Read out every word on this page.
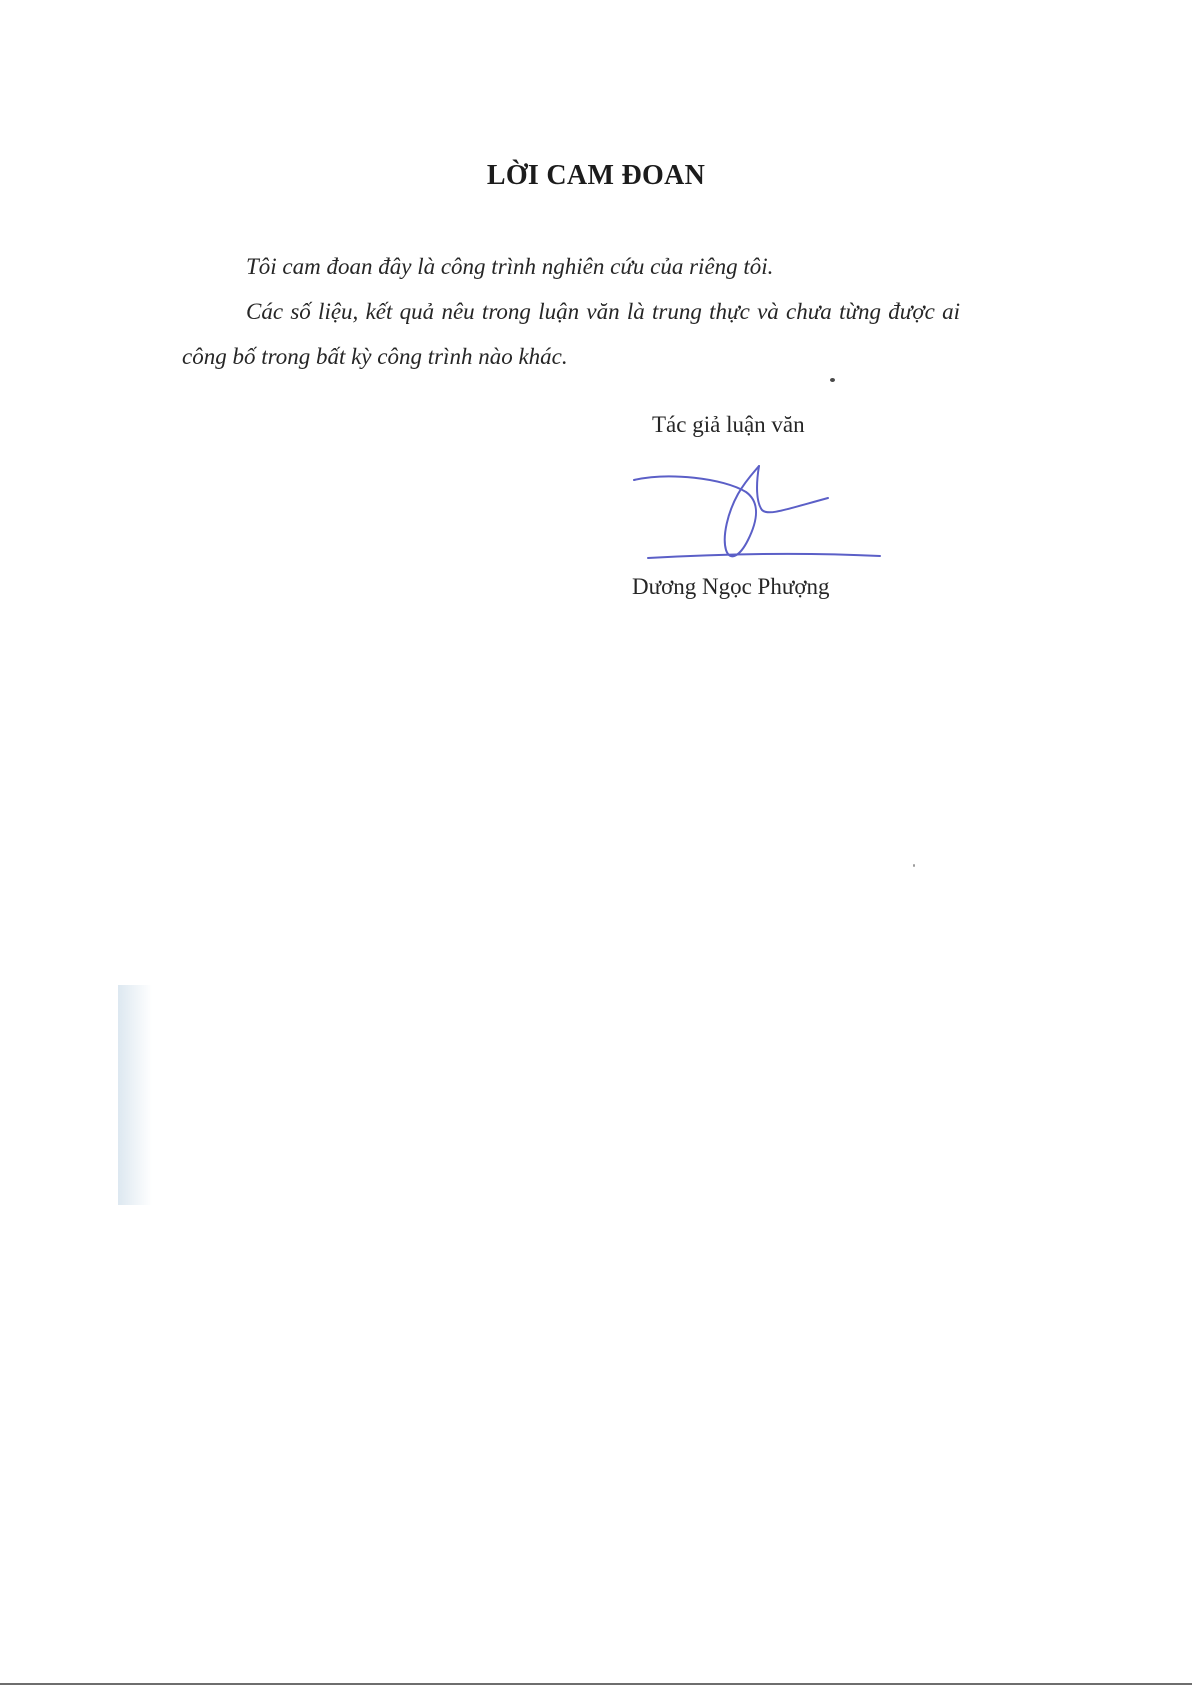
LỜI CAM ĐOAN

Tôi cam đoan đây là công trình nghiên cứu của riêng tôi.

Các số liệu, kết quả nêu trong luận văn là trung thực và chưa từng được ai công bố trong bất kỳ công trình nào khác.

Tác giả luận văn

Dương Ngọc Phượng
